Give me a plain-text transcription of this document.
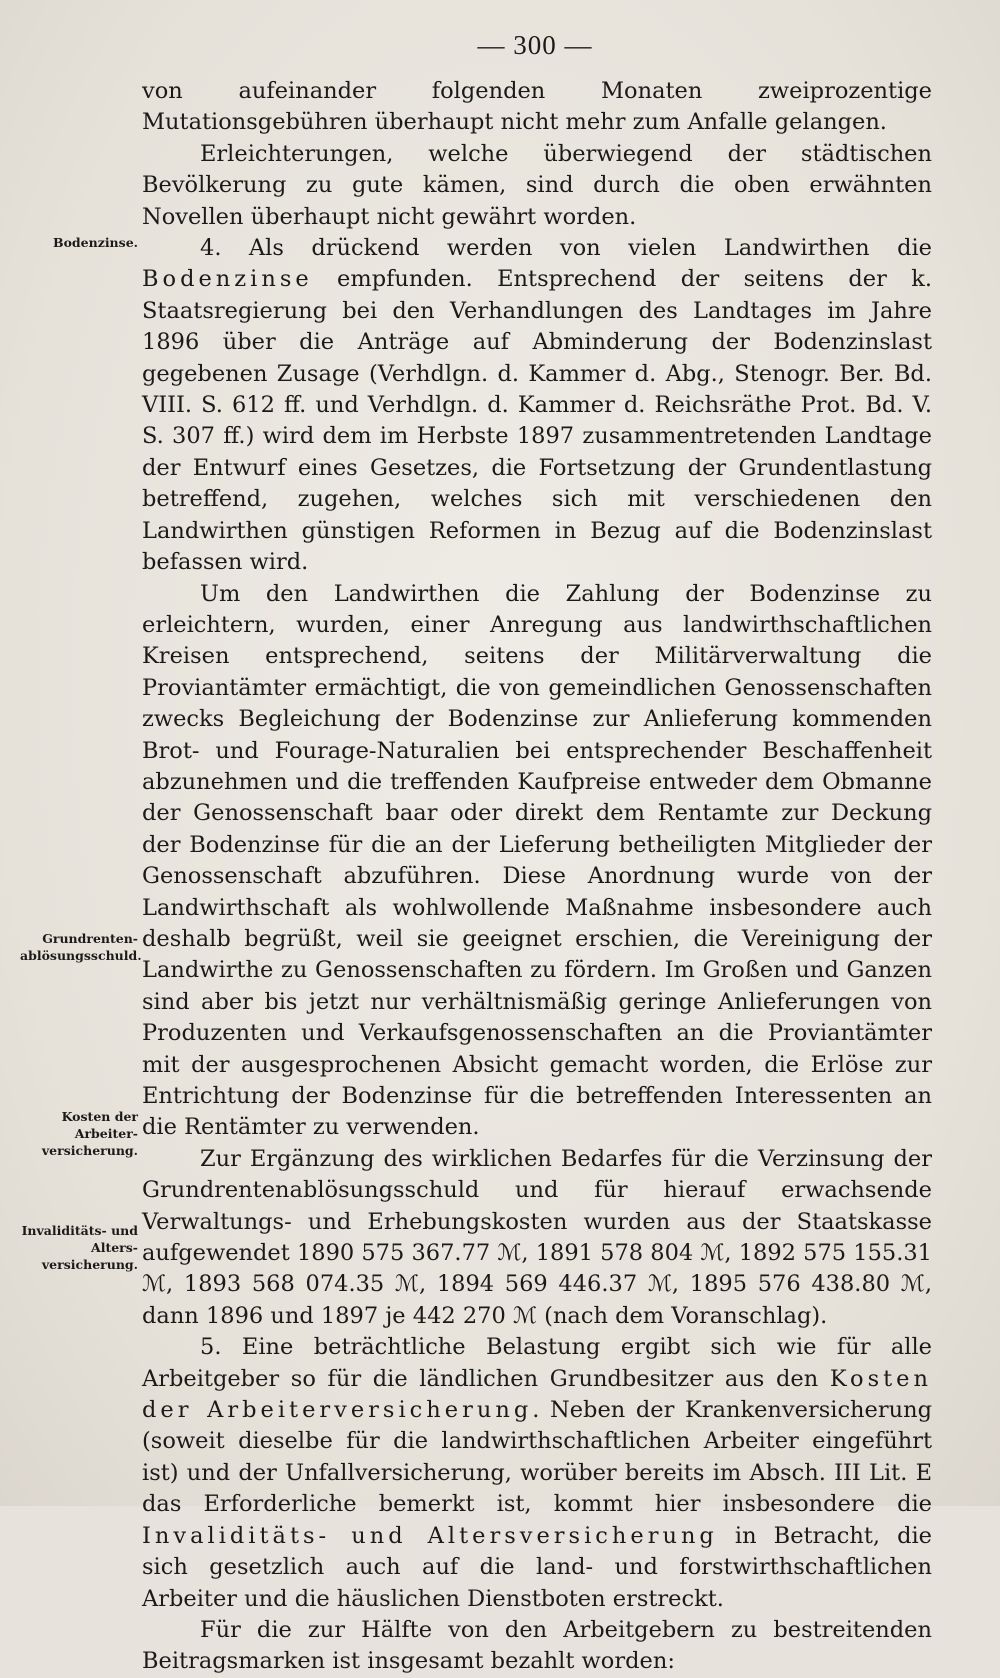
— 300 —
Bodenzinse.
Grundrenten-ablösungsschuld.
Kosten der Arbeiter-versicherung.
Invaliditäts- und Alters-versicherung.

von aufeinander folgenden Monaten zweiprozentige Mutationsgebühren überhaupt nicht mehr zum Anfalle gelangen.

Erleichterungen, welche überwiegend der städtischen Bevölkerung zu gute kämen, sind durch die oben erwähnten Novellen überhaupt nicht gewährt worden.

4. Als drückend werden von vielen Landwirthen die Bodenzinse empfunden. Entsprechend der seitens der k. Staatsregierung bei den Verhandlungen des Landtages im Jahre 1896 über die Anträge auf Abminderung der Bodenzinslast gegebenen Zusage (Verhdlgn. d. Kammer d. Abg., Stenogr. Ber. Bd. VIII. S. 612 ff. und Verhdlgn. d. Kammer d. Reichsräthe Prot. Bd. V. S. 307 ff.) wird dem im Herbste 1897 zusammentretenden Landtage der Entwurf eines Gesetzes, die Fortsetzung der Grundentlastung betreffend, zugehen, welches sich mit verschiedenen den Landwirthen günstigen Reformen in Bezug auf die Bodenzinslast befassen wird.

Um den Landwirthen die Zahlung der Bodenzinse zu erleichtern, wurden, einer Anregung aus landwirthschaftlichen Kreisen entsprechend, seitens der Militärverwaltung die Proviantämter ermächtigt, die von gemeindlichen Genossenschaften zwecks Begleichung der Bodenzinse zur Anlieferung kommenden Brot- und Fourage-Naturalien bei entsprechender Beschaffenheit abzunehmen und die treffenden Kaufpreise entweder dem Obmanne der Genossenschaft baar oder direkt dem Rentamte zur Deckung der Bodenzinse für die an der Lieferung betheiligten Mitglieder der Genossenschaft abzuführen. Diese Anordnung wurde von der Landwirthschaft als wohlwollende Maßnahme insbesondere auch deshalb begrüßt, weil sie geeignet erschien, die Vereinigung der Landwirthe zu Genossenschaften zu fördern. Im Großen und Ganzen sind aber bis jetzt nur verhältnismäßig geringe Anlieferungen von Produzenten und Verkaufsgenossenschaften an die Proviantämter mit der ausgesprochenen Absicht gemacht worden, die Erlöse zur Entrichtung der Bodenzinse für die betreffenden Interessenten an die Rentämter zu verwenden.

Zur Ergänzung des wirklichen Bedarfes für die Verzinsung der Grundrentenablösungsschuld und für hierauf erwachsende Verwaltungs- und Erhebungskosten wurden aus der Staatskasse aufgewendet 1890 575 367.77 ℳ, 1891 578 804 ℳ, 1892 575 155.31 ℳ, 1893 568 074.35 ℳ, 1894 569 446.37 ℳ, 1895 576 438.80 ℳ, dann 1896 und 1897 je 442 270 ℳ (nach dem Voranschlag).

5. Eine beträchtliche Belastung ergibt sich wie für alle Arbeitgeber so für die ländlichen Grundbesitzer aus den Kosten der Arbeiterversicherung. Neben der Krankenversicherung (soweit dieselbe für die landwirthschaftlichen Arbeiter eingeführt ist) und der Unfallversicherung, worüber bereits im Absch. III Lit. E das Erforderliche bemerkt ist, kommt hier insbesondere die Invaliditäts- und Altersversicherung in Betracht, die sich gesetzlich auch auf die land- und forstwirthschaftlichen Arbeiter und die häuslichen Dienstboten erstreckt.

Für die zur Hälfte von den Arbeitgebern zu bestreitenden Beitragsmarken ist insgesamt bezahlt worden:
